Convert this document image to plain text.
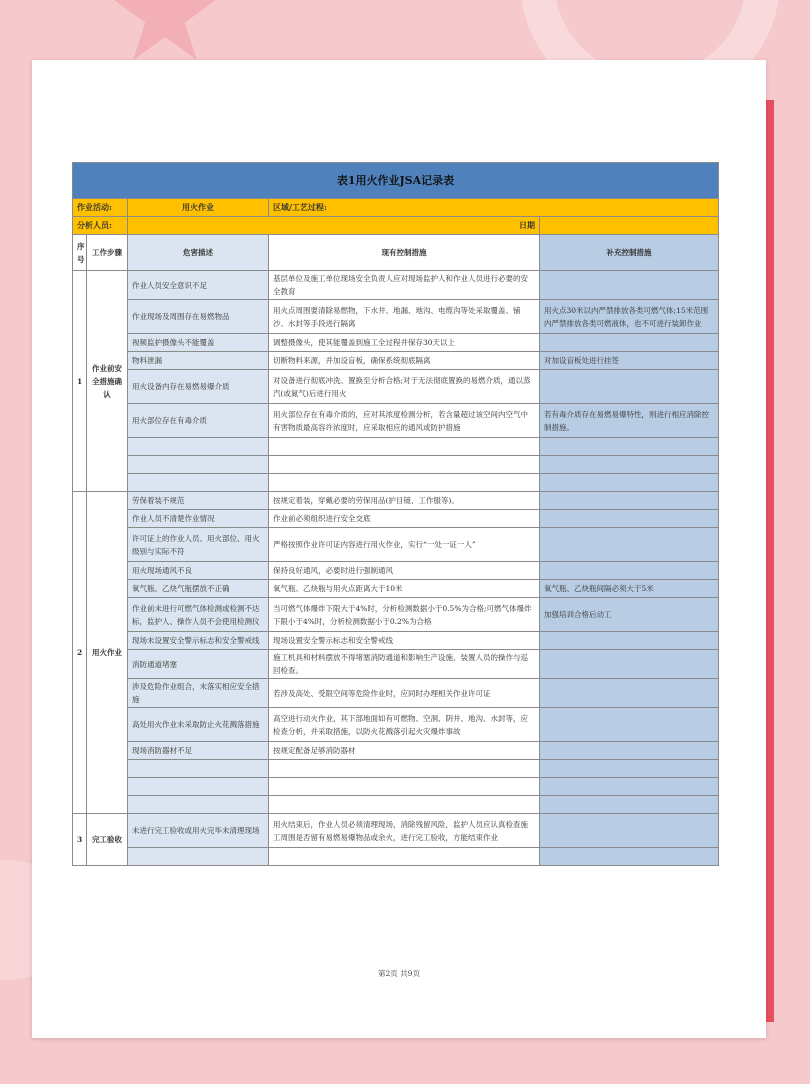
表1用火作业JSA记录表				
作业活动:		用火作业	区域/工艺过程:	
分析人员:		日期		
序号	工作步骤	危害描述	现有控制措施	补充控制措施
1	作业前安全措施确认	作业人员安全意识不足	基层单位及施工单位现场安全负责人应对现场监护人和作业人员进行必要的安全教育	
		作业现场及周围存在易燃物品	用火点周围要清除易燃物，下水井、地漏、地沟、电缆沟等处采取覆盖、铺沙、水封等手段进行隔离	用火点30米以内严禁排放各类可燃气体;15米范围内严禁排放各类可燃液体，也不可进行装卸作业
		视频监护摄像头不能覆盖	调整摄像头，使其能覆盖到施工全过程并保存30天以上	
		物料泄漏	切断物料来源，并加设盲板，确保系统彻底隔离	对加设盲板处进行挂签
		用火设备内存在易燃易爆介质	对设备进行彻底冲洗、置换至分析合格;对于无法彻底置换的易燃介质，通以蒸汽(或氮气)后进行用火	
		用火部位存在有毒介质	用火部位存在有毒介质的，应对其浓度检测分析，若含量超过该空间内空气中有害物质最高容许浓度时，应采取相应的通风或防护措施	若有毒介质存在易燃易爆特性，则进行相应消除控制措施。

2	用火作业	劳保着装不规范	按规定着装，穿戴必要的劳保用品(护目镜、工作服等)。	
		作业人员不清楚作业情况	作业前必须组织进行安全交底	
		许可证上的作业人员、用火部位、用火级别与实际不符	严格按照作业许可证内容进行用火作业，实行“一处一证一人”	
		用火现场通风不良	保持良好通风，必要时进行强制通风	
		氧气瓶、乙炔气瓶摆放不正确	氧气瓶、乙炔瓶与用火点距离大于10米	氧气瓶、乙炔瓶间隔必须大于5米
		作业前未进行可燃气体检测或检测不达标，监护人、操作人员不会使用检测仪	当可燃气体爆炸下限大于4%时，分析检测数据小于0.5%为合格;可燃气体爆炸下限小于4%时，分析检测数据小于0.2%为合格	加强培训合格后动工
		现场未设置安全警示标志和安全警戒线	现场设置安全警示标志和安全警戒线	
		消防通道堵塞	施工机具和材料摆放不得堵塞消防通道和影响生产设施、装置人员的操作与巡回检查。	
		涉及危险作业组合，未落实相应安全措施	若涉及高处、受限空间等危险作业时，应同时办理相关作业许可证	
		高处用火作业未采取防止火花溅落措施	高空进行动火作业，其下部地面如有可燃物、空洞、阴井、地沟、水封等，应检查分析，并采取措施，以防火花溅落引起火灾爆炸事故	
		现场消防器材不足	按规定配备足够消防器材	

3	完工验收	未进行完工验收或用火完毕未清理现场	用火结束后，作业人员必须清理现场，消除残留风险，监护人员应认真检查施工周围是否留有易燃易爆物品或余火，进行完工验收，方能结束作业	

第2页 共9页
